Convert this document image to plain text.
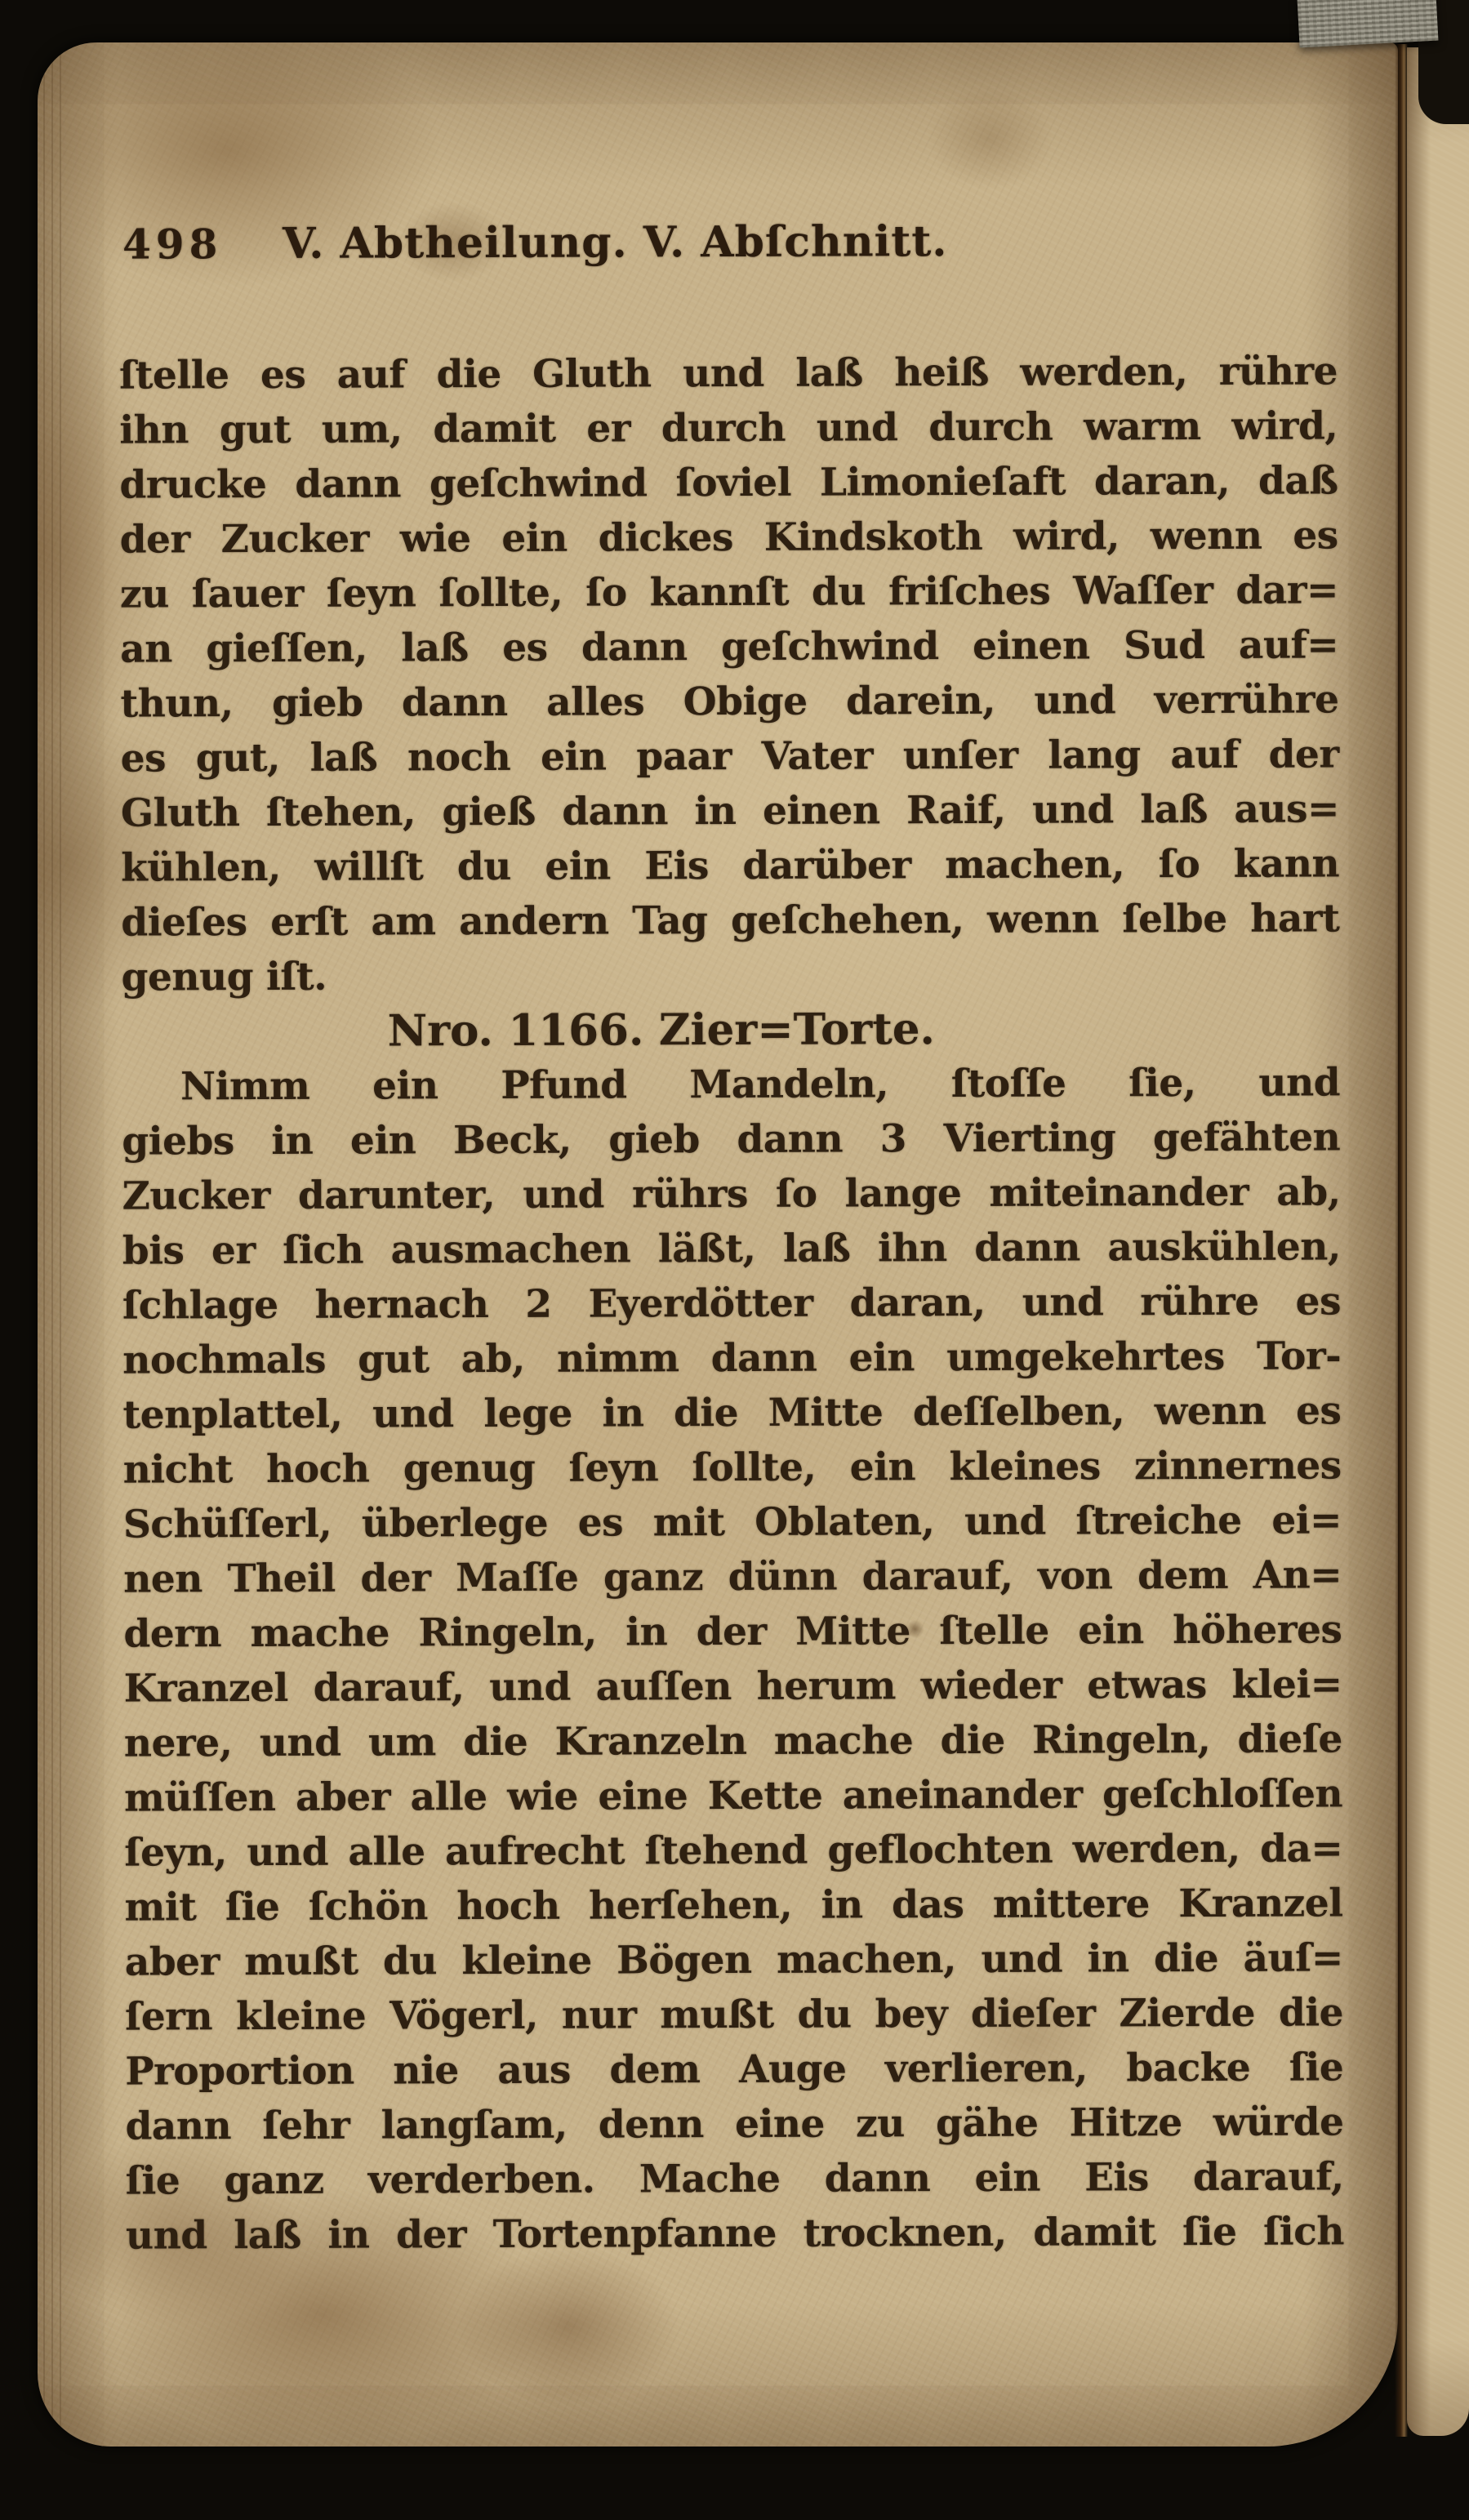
498	V. Abtheilung. V. Abſchnitt.
ſtelle es auf die Gluth und laß heiß werden, rühre
ihn gut um, damit er durch und durch warm wird,
drucke dann geſchwind ſoviel Limonieſaft daran, daß
der Zucker wie ein dickes Kindskoth wird, wenn es
zu ſauer ſeyn ſollte, ſo kannſt du friſches Waſſer dar=
an gieſſen, laß es dann geſchwind einen Sud auf=
thun, gieb dann alles Obige darein, und verrühre
es gut, laß noch ein paar Vater unſer lang auf der
Gluth ſtehen, gieß dann in einen Raif, und laß aus=
kühlen, willſt du ein Eis darüber machen, ſo kann
dieſes erſt am andern Tag geſchehen, wenn ſelbe hart
genug iſt.
Nro. 1166. Zier=Torte.
Nimm ein Pfund Mandeln, ſtoſſe ſie, und
giebs in ein Beck, gieb dann 3 Vierting gefähten
Zucker darunter, und rührs ſo lange miteinander ab,
bis er ſich ausmachen läßt, laß ihn dann auskühlen,
ſchlage hernach 2 Eyerdötter daran, und rühre es
nochmals gut ab, nimm dann ein umgekehrtes Tor-
tenplattel, und lege in die Mitte deſſelben, wenn es
nicht hoch genug ſeyn ſollte, ein kleines zinnernes
Schüſſerl, überlege es mit Oblaten, und ſtreiche ei=
nen Theil der Maſſe ganz dünn darauf, von dem An=
dern mache Ringeln, in der Mitte ſtelle ein höheres
Kranzel darauf, und auſſen herum wieder etwas klei=
nere, und um die Kranzeln mache die Ringeln, dieſe
müſſen aber alle wie eine Kette aneinander geſchloſſen
ſeyn, und alle aufrecht ſtehend geflochten werden, da=
mit ſie ſchön hoch herſehen, in das mittere Kranzel
aber mußt du kleine Bögen machen, und in die äuſ=
ſern kleine Vögerl, nur mußt du bey dieſer Zierde die
Proportion nie aus dem Auge verlieren, backe ſie
dann ſehr langſam, denn eine zu gähe Hitze würde
ſie ganz verderben. Mache dann ein Eis darauf,
und laß in der Tortenpfanne trocknen, damit ſie ſich
